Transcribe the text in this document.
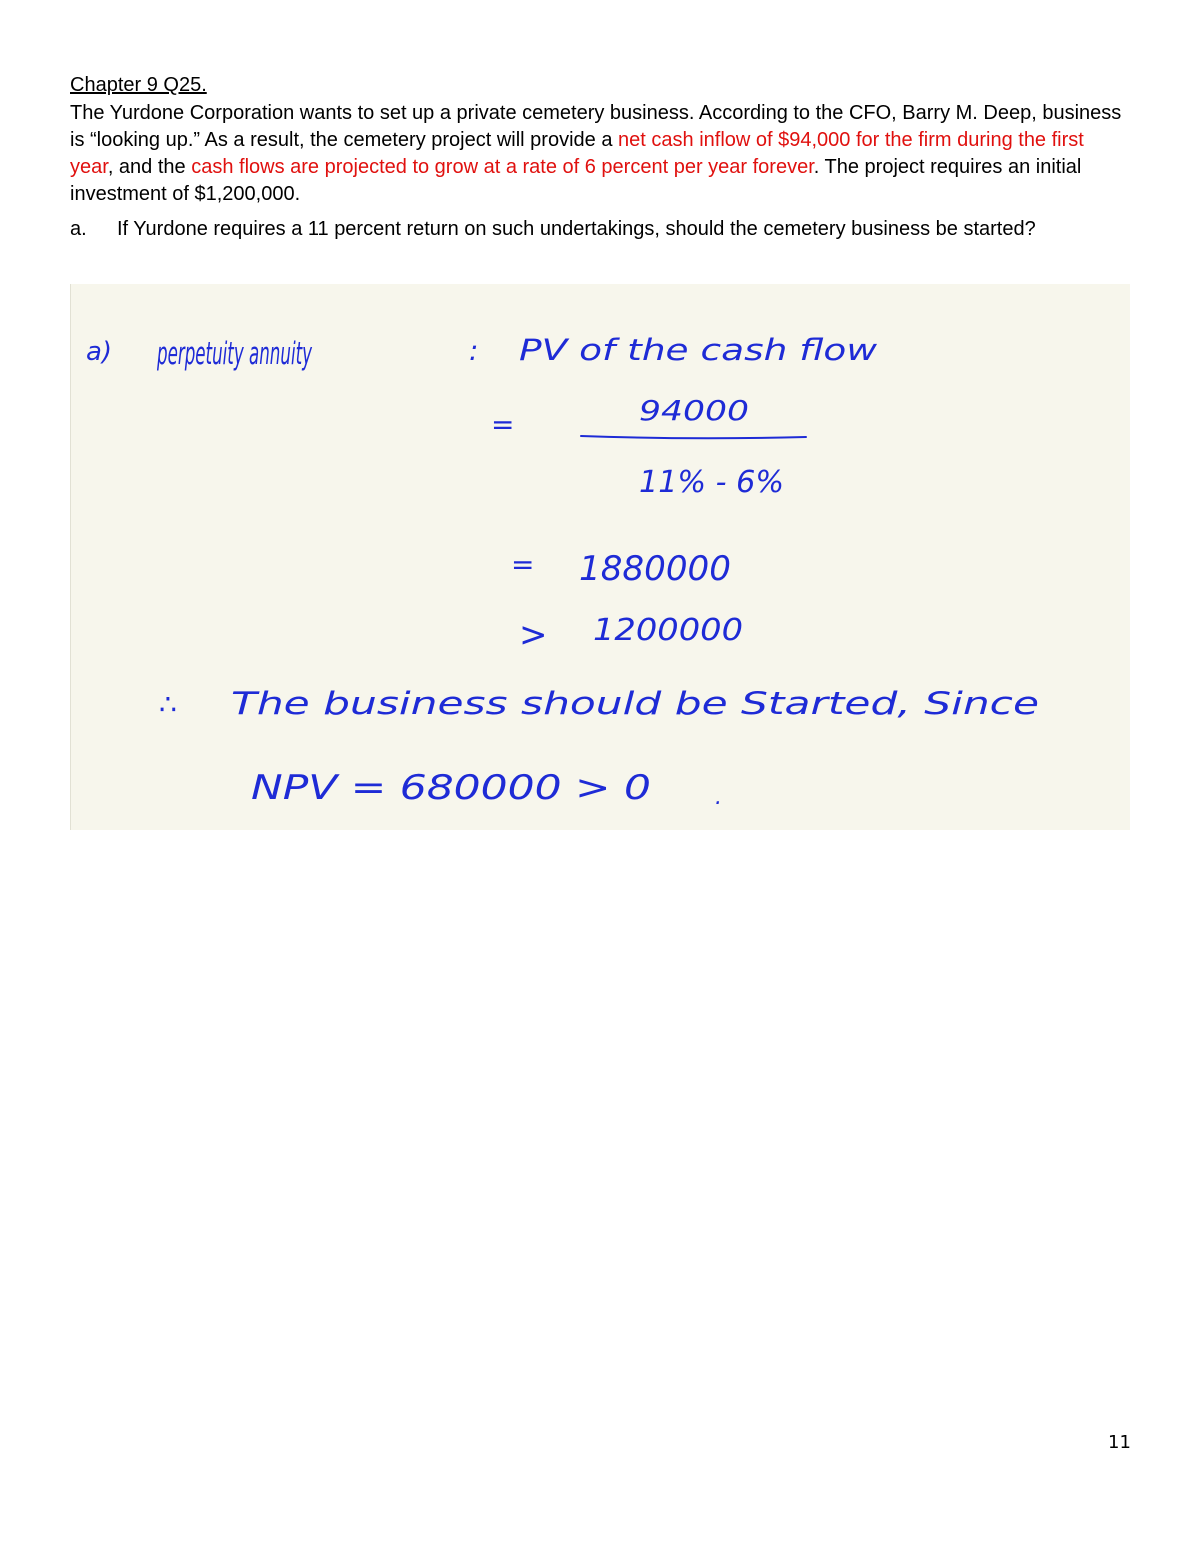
Chapter 9 Q25.

The Yurdone Corporation wants to set up a private cemetery business. According to the CFO, Barry M. Deep, business is “looking up.” As a result, the cemetery project will provide a net cash inflow of $94,000 for the firm during the first year, and the cash flows are projected to grow at a rate of 6 percent per year forever. The project requires an initial investment of $1,200,000.

a. If Yurdone requires a 11 percent return on such undertakings, should the cemetery business be started?
a) perpetuity annuity	: PV of the cash flow
=	94000
11% - 6%
= 1880000
> 1200000
∴ The business should be Started, Since
NPV = 680000 > 0	.
11
